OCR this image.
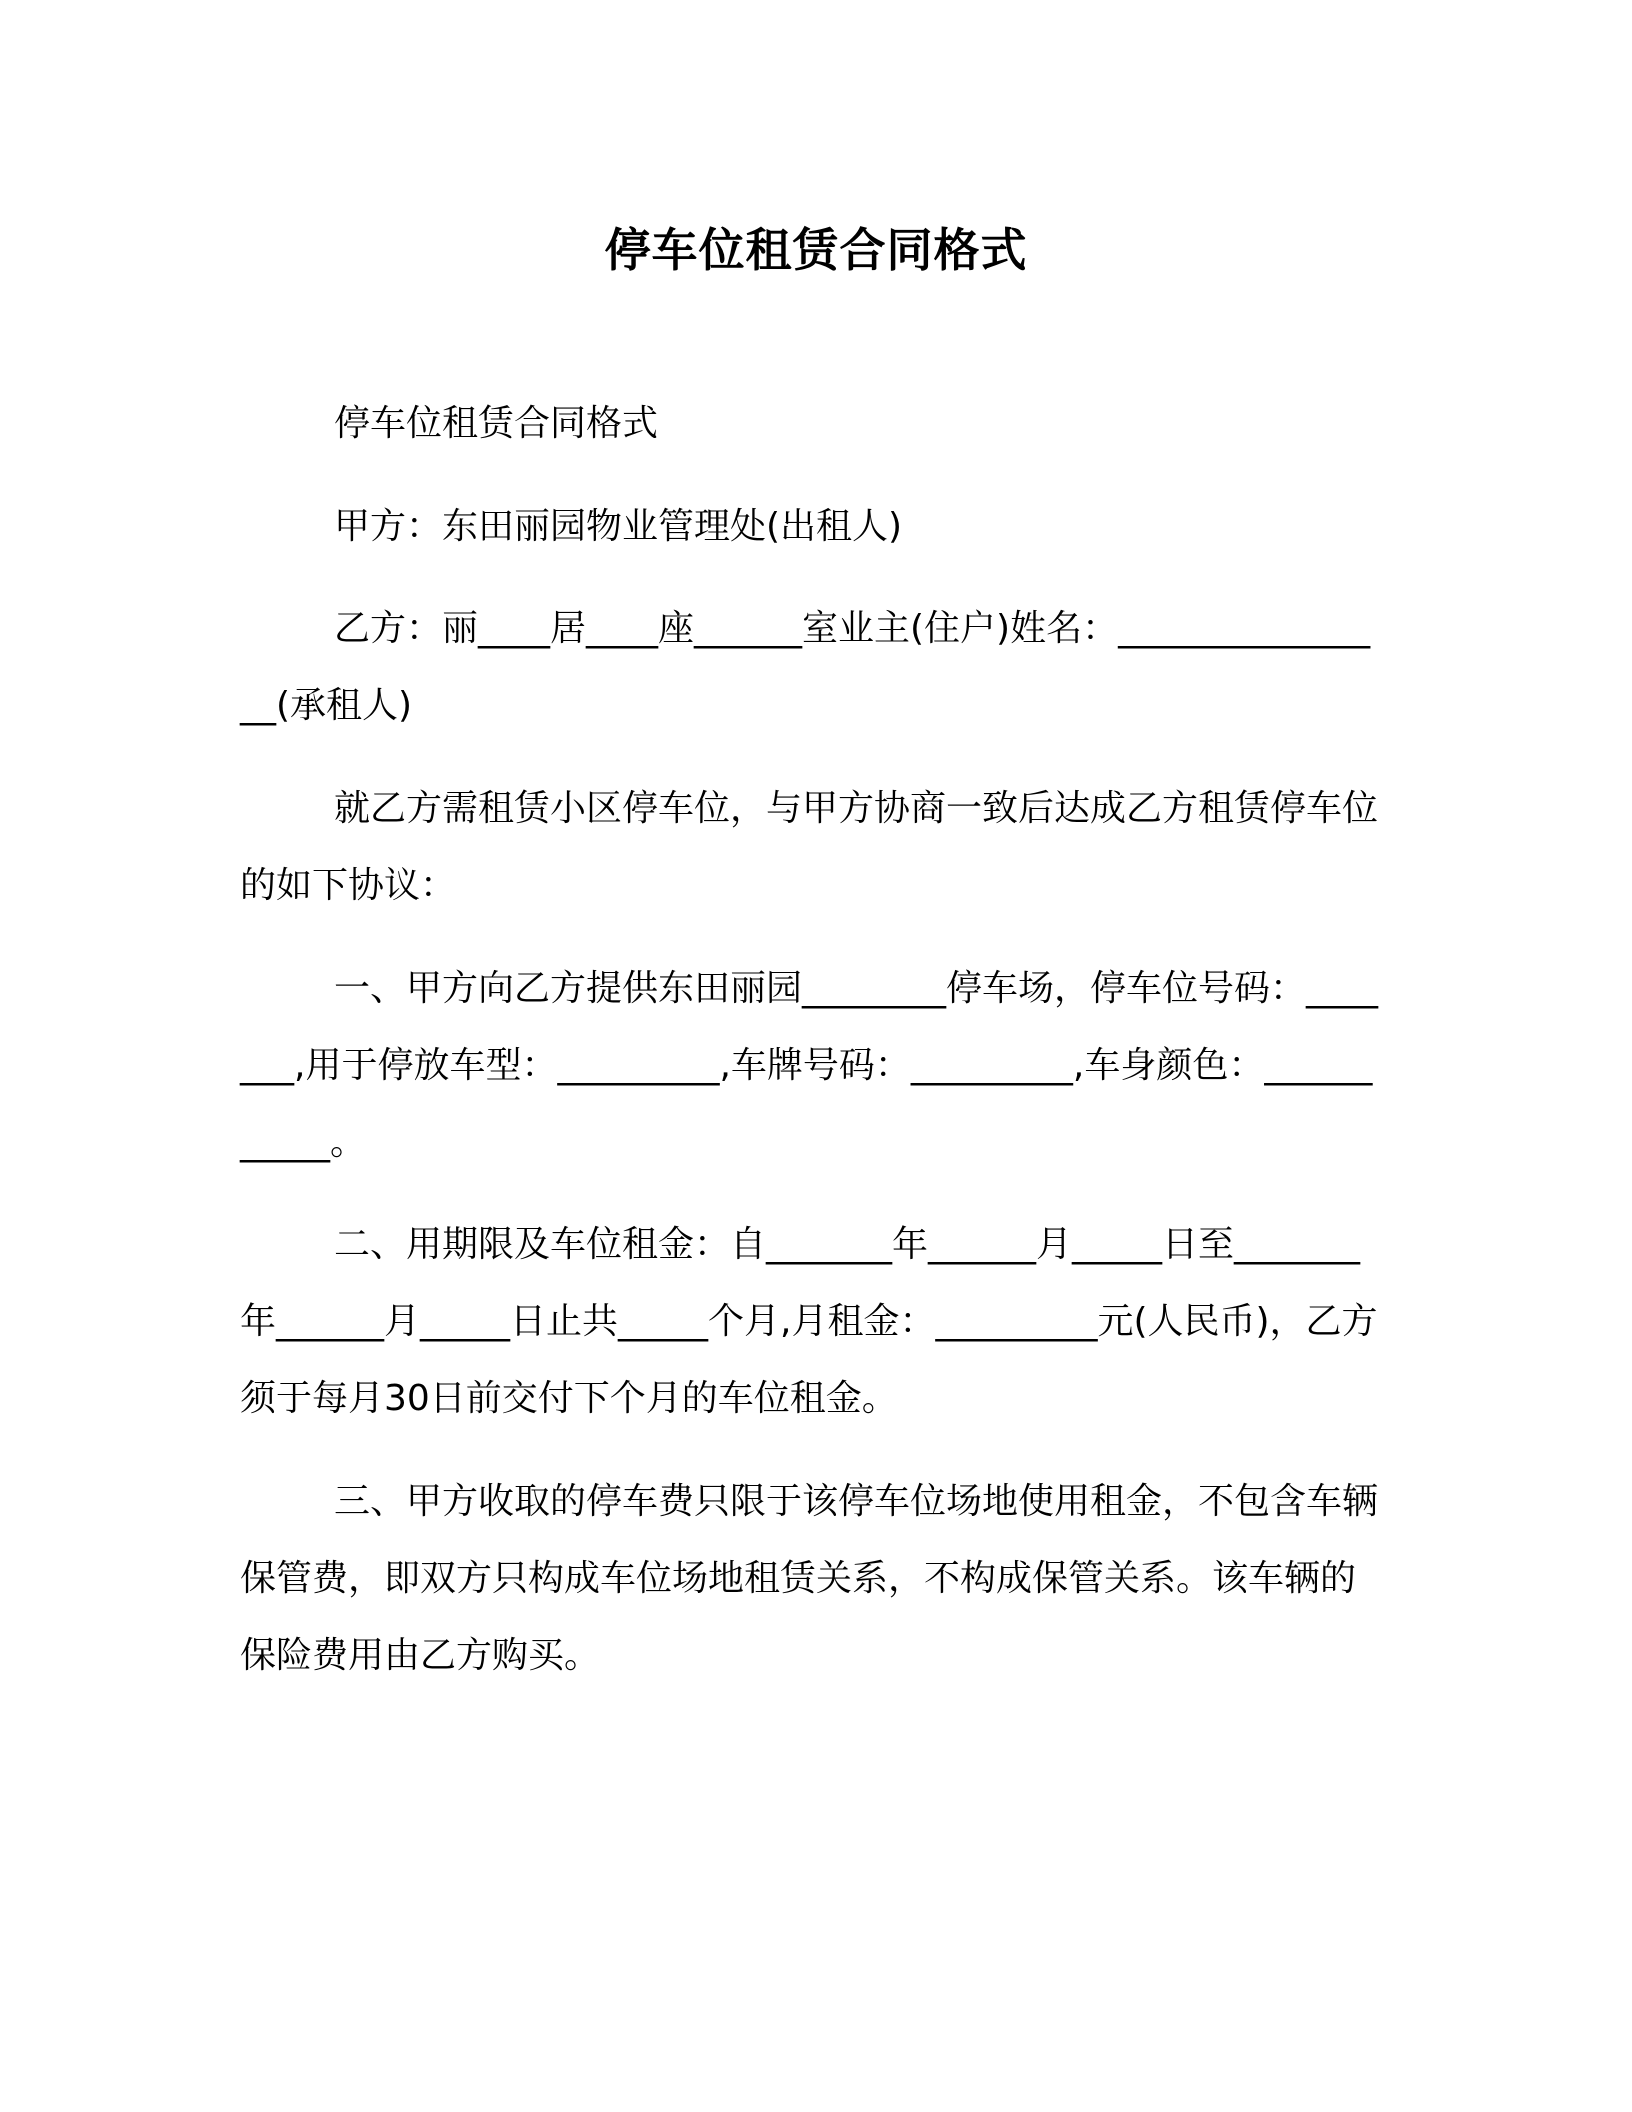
停车位租赁合同格式

停车位租赁合同格式

甲方：东田丽园物业管理处(出租人)

乙方：丽____居____座______室业主(住户)姓名：________________(承租人)

就乙方需租赁小区停车位，与甲方协商一致后达成乙方租赁停车位的如下协议：

一、甲方向乙方提供东田丽园________停车场，停车位号码：_______,用于停放车型：_________,车牌号码：_________,车身颜色：___________。

二、用期限及车位租金：自_______年______月_____日至_______年______月_____日止共_____个月,月租金：_________元(人民币)，乙方须于每月30日前交付下个月的车位租金。

三、甲方收取的停车费只限于该停车位场地使用租金，不包含车辆保管费，即双方只构成车位场地租赁关系，不构成保管关系。该车辆的保险费用由乙方购买。
